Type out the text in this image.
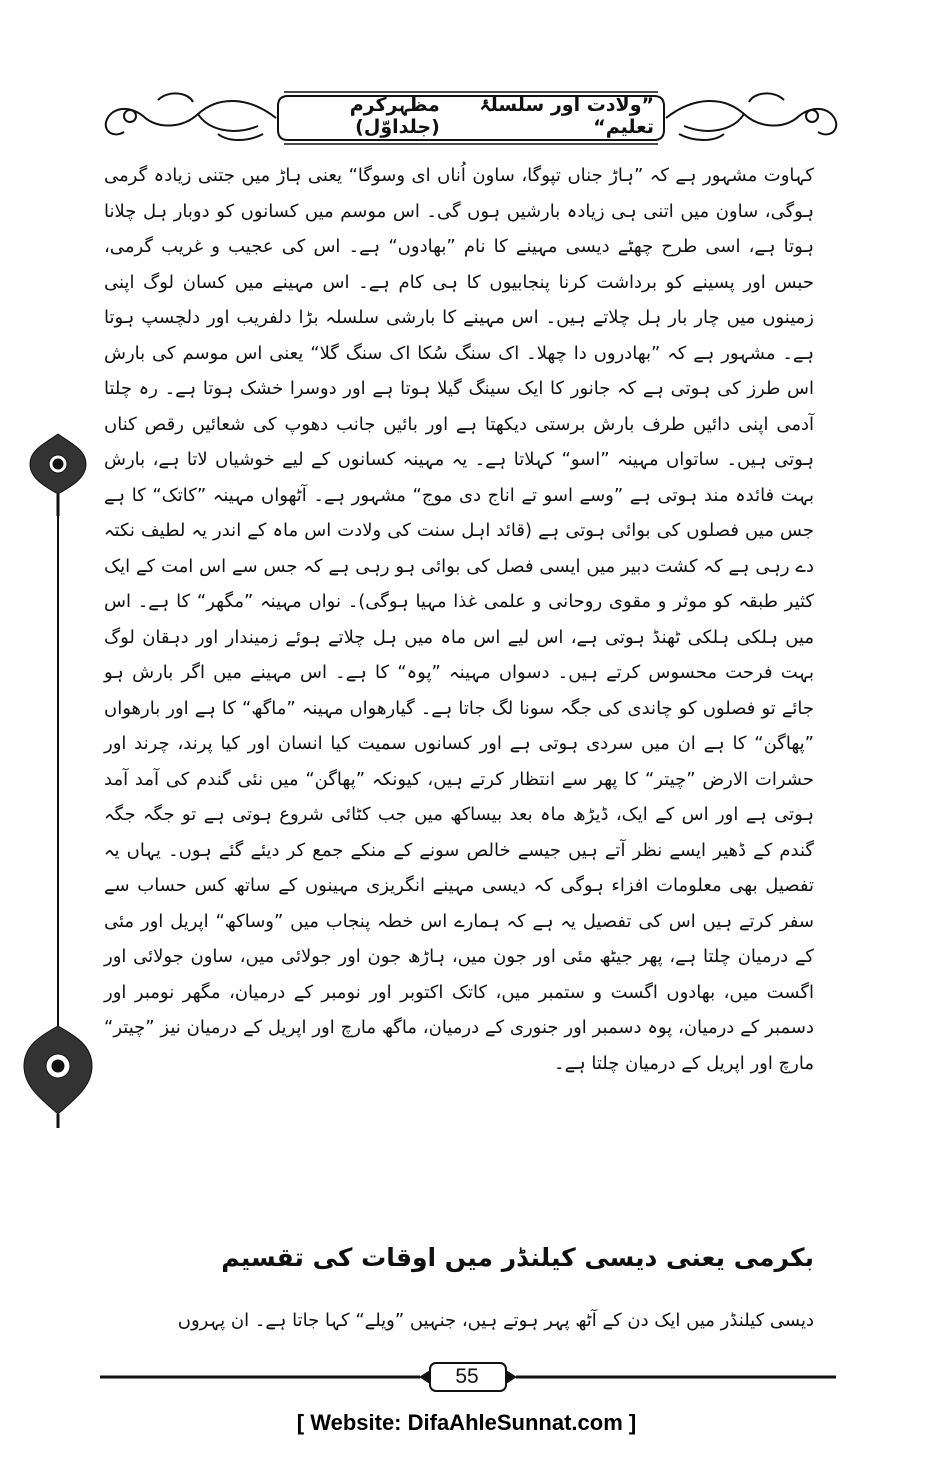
”ولادت اور سلسلۂ تعلیم“
مظہرکرم (جلداوّل)

کہاوت مشہور ہے کہ ”ہاڑ جناں تپوگا، ساون اُناں ای وسوگا“ یعنی ہاڑ میں جتنی زیادہ گرمی ہوگی، ساون میں اتنی ہی زیادہ بارشیں ہوں گی۔ اس موسم میں کسانوں کو دوبار ہل چلانا ہوتا ہے، اسی طرح چھٹے دیسی مہینے کا نام ”بھادوں“ ہے۔ اس کی عجیب و غریب گرمی، حبس اور پسینے کو برداشت کرنا پنجابیوں کا ہی کام ہے۔ اس مہینے میں کسان لوگ اپنی زمینوں میں چار بار ہل چلاتے ہیں۔ اس مہینے کا بارشی سلسلہ بڑا دلفریب اور دلچسپ ہوتا ہے۔ مشہور ہے کہ ”بھادروں دا چھلا۔ اک سنگ سُکا اک سنگ گلا“ یعنی اس موسم کی بارش اس طرز کی ہوتی ہے کہ جانور کا ایک سینگ گیلا ہوتا ہے اور دوسرا خشک ہوتا ہے۔ رہ چلتا آدمی اپنی دائیں طرف بارش برستی دیکھتا ہے اور بائیں جانب دھوپ کی شعائیں رقص کناں ہوتی ہیں۔ ساتواں مہینہ ”اسو“ کہلاتا ہے۔ یہ مہینہ کسانوں کے لیے خوشیاں لاتا ہے، بارش بہت فائدہ مند ہوتی ہے ”وسے اسو تے اناج دی موج“ مشہور ہے۔ آٹھواں مہینہ ”کاتک“ کا ہے جس میں فصلوں کی بوائی ہوتی ہے (قائد اہل سنت کی ولادت اس ماہ کے اندر یہ لطیف نکتہ دے رہی ہے کہ کشت دبیر میں ایسی فصل کی بوائی ہو رہی ہے کہ جس سے اس امت کے ایک کثیر طبقہ کو موثر و مقوی روحانی و علمی غذا مہیا ہوگی)۔ نواں مہینہ ”مگھر“ کا ہے۔ اس میں ہلکی ہلکی ٹھنڈ ہوتی ہے، اس لیے اس ماہ میں ہل چلاتے ہوئے زمیندار اور دہقان لوگ بہت فرحت محسوس کرتے ہیں۔ دسواں مہینہ ”پوہ“ کا ہے۔ اس مہینے میں اگر بارش ہو جائے تو فصلوں کو چاندی کی جگہ سونا لگ جاتا ہے۔ گیارھواں مہینہ ”ماگھ“ کا ہے اور بارھواں ”پھاگن“ کا ہے ان میں سردی ہوتی ہے اور کسانوں سمیت کیا انسان اور کیا پرند، چرند اور حشرات الارض ”چیتر“ کا پھر سے انتظار کرتے ہیں، کیونکہ ”پھاگن“ میں نئی گندم کی آمد آمد ہوتی ہے اور اس کے ایک، ڈیڑھ ماہ بعد بیساکھ میں جب کٹائی شروع ہوتی ہے تو جگہ جگہ گندم کے ڈھیر ایسے نظر آتے ہیں جیسے خالص سونے کے منکے جمع کر دیئے گئے ہوں۔ یہاں یہ تفصیل بھی معلومات افزاء ہوگی کہ دیسی مہینے انگریزی مہینوں کے ساتھ کس حساب سے سفر کرتے ہیں اس کی تفصیل یہ ہے کہ ہمارے اس خطہ پنجاب میں ”وساکھ“ اپریل اور مئی کے درمیان چلتا ہے، پھر جیٹھ مئی اور جون میں، ہاڑھ جون اور جولائی میں، ساون جولائی اور اگست میں، بھادوں اگست و ستمبر میں، کاتک اکتوبر اور نومبر کے درمیان، مگھر نومبر اور دسمبر کے درمیان، پوہ دسمبر اور جنوری کے درمیان، ماگھ مارچ اور اپریل کے درمیان نیز ”چیتر“ مارچ اور اپریل کے درمیان چلتا ہے۔

بکرمی یعنی دیسی کیلنڈر میں اوقات کی تقسیم
دیسی کیلنڈر میں ایک دن کے آٹھ پہر ہوتے ہیں، جنہیں ”ویلے“ کہا جاتا ہے۔ ان پہروں
55
[ Website: DifaAhleSunnat.com ]
